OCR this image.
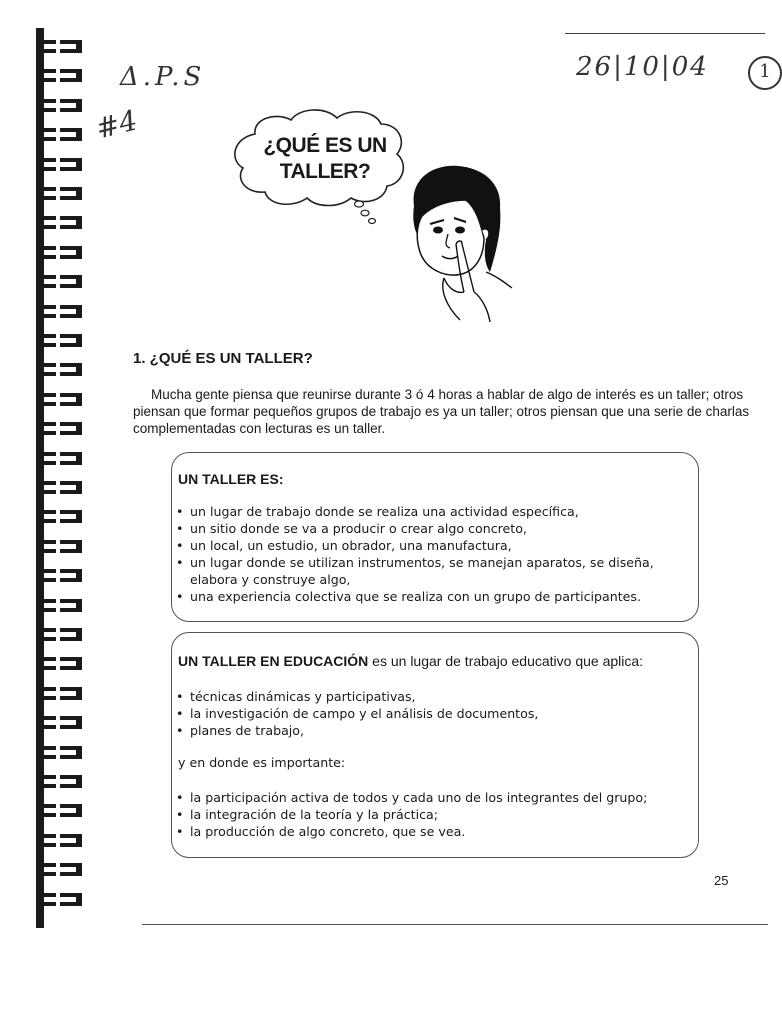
Δ.P.S
#4
26|10|04	1
¿QUÉ ES UN
TALLER?
1. ¿QUÉ ES UN TALLER?
Mucha gente piensa que reunirse durante 3 ó 4 horas a hablar de algo de interés es un taller; otros piensan que formar pequeños grupos de trabajo es ya un taller; otros piensan que una serie de charlas complementadas con lecturas es un taller.
UN TALLER ES:
• un lugar de trabajo donde se realiza una actividad específica,
• un sitio donde se va a producir o crear algo concreto,
• un local, un estudio, un obrador, una manufactura,
• un lugar donde se utilizan instrumentos, se manejan aparatos, se diseña, elabora y construye algo,
• una experiencia colectiva que se realiza con un grupo de participantes.
UN TALLER EN EDUCACIÓN es un lugar de trabajo educativo que aplica:
• técnicas dinámicas y participativas,
• la investigación de campo y el análisis de documentos,
• planes de trabajo,
y en donde es importante:
• la participación activa de todos y cada uno de los integrantes del grupo;
• la integración de la teoría y la práctica;
• la producción de algo concreto, que se vea.
25
